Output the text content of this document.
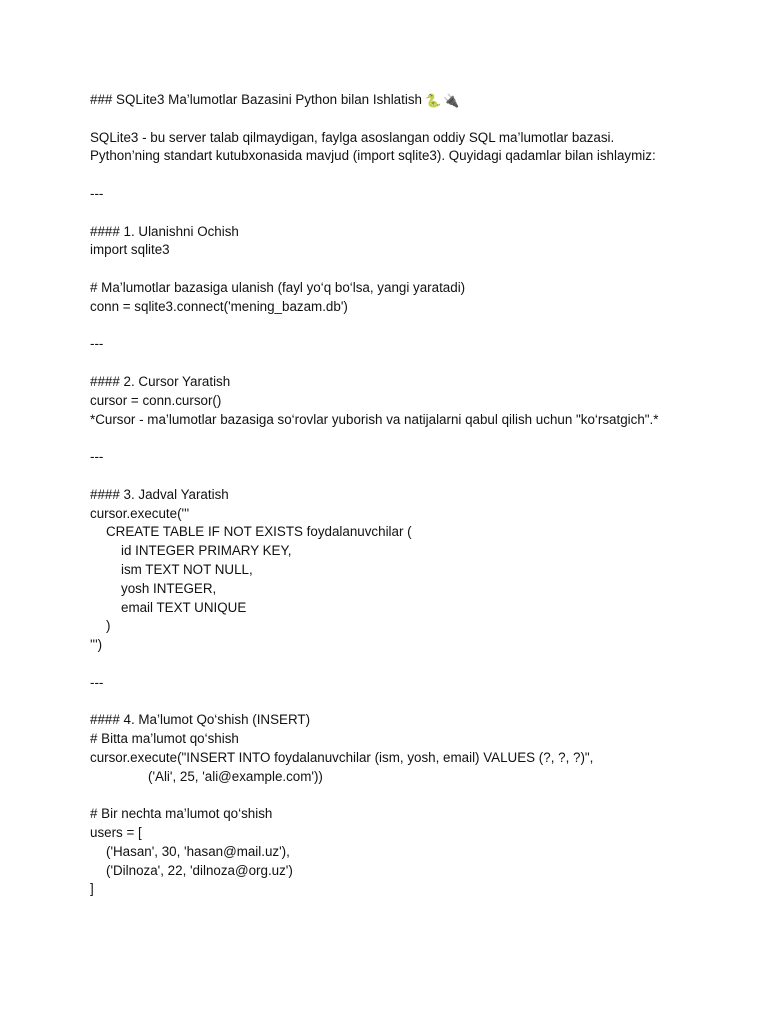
### SQLite3 Ma’lumotlar Bazasini Python bilan Ishlatish 🐍 🔌
SQLite3 - bu server talab qilmaydigan, faylga asoslangan oddiy SQL ma’lumotlar bazasi.
Python’ning standart kutubxonasida mavjud (import sqlite3). Quyidagi qadamlar bilan ishlaymiz:
---
#### 1. Ulanishni Ochish
import sqlite3
# Ma’lumotlar bazasiga ulanish (fayl yo‘q bo‘lsa, yangi yaratadi)
conn = sqlite3.connect('mening_bazam.db')
---
#### 2. Cursor Yaratish
cursor = conn.cursor()
*Cursor - ma’lumotlar bazasiga so‘rovlar yuborish va natijalarni qabul qilish uchun "ko‘rsatgich".*
---
#### 3. Jadval Yaratish
cursor.execute('''
CREATE TABLE IF NOT EXISTS foydalanuvchilar (
id INTEGER PRIMARY KEY,
ism TEXT NOT NULL,
yosh INTEGER,
email TEXT UNIQUE
)
''')
---
#### 4. Ma’lumot Qo‘shish (INSERT)
# Bitta ma’lumot qo‘shish
cursor.execute("INSERT INTO foydalanuvchilar (ism, yosh, email) VALUES (?, ?, ?)",
('Ali', 25, 'ali@example.com'))
# Bir nechta ma’lumot qo‘shish
users = [
('Hasan', 30, 'hasan@mail.uz'),
('Dilnoza', 22, 'dilnoza@org.uz')
]
